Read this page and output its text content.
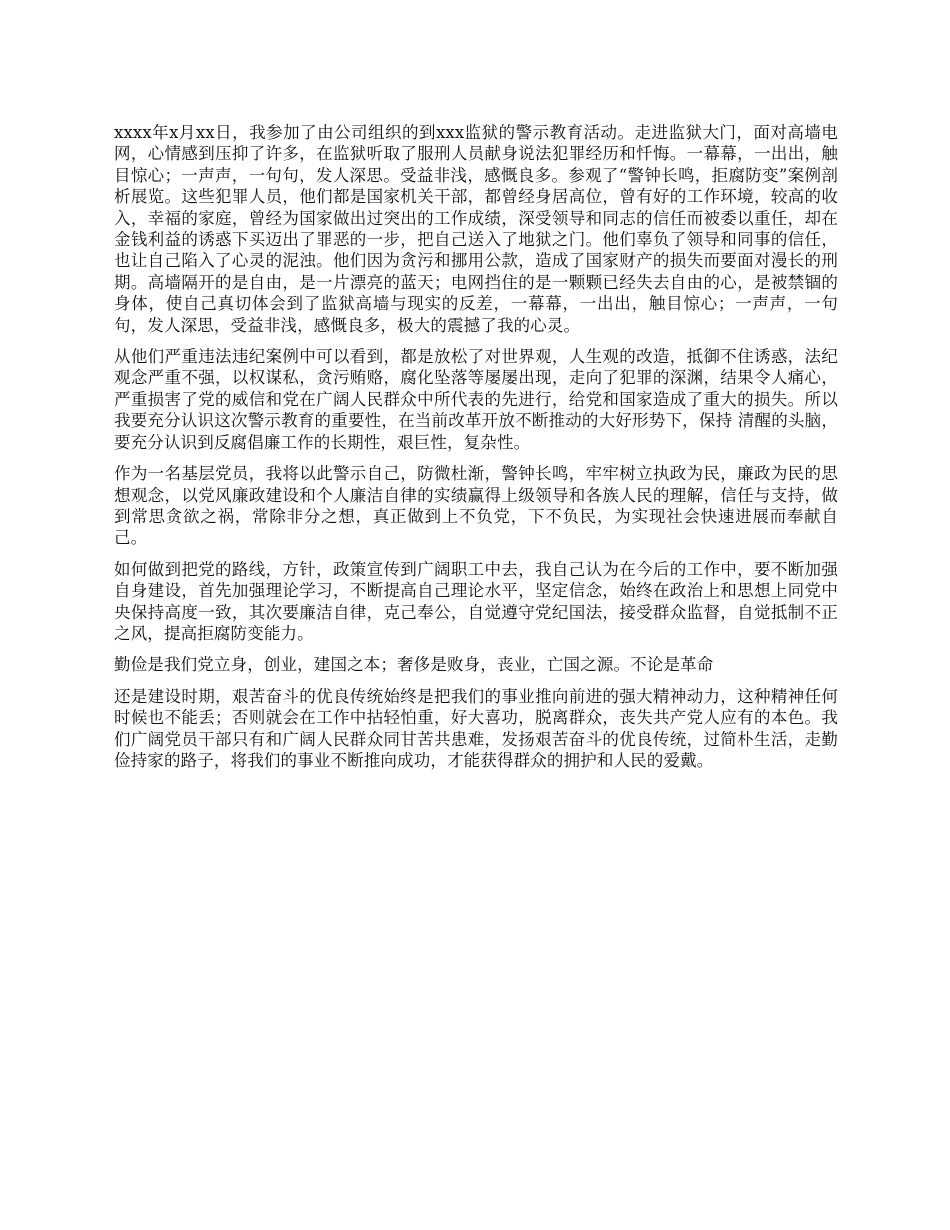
xxxx年x月xx日，我参加了由公司组织的到xxx监狱的警示教育活动。走进监狱大门，面对高墙电网，心情感到压抑了许多，在监狱听取了服刑人员献身说法犯罪经历和忏悔。一幕幕，一出出，触目惊心；一声声，一句句，发人深思。受益非浅，感慨良多。参观了“警钟长鸣，拒腐防变”案例剖析展览。这些犯罪人员，他们都是国家机关干部，都曾经身居高位，曾有好的工作环境，较高的收入，幸福的家庭，曾经为国家做出过突出的工作成绩，深受领导和同志的信任而被委以重任，却在金钱利益的诱惑下买迈出了罪恶的一步，把自己送入了地狱之门。他们辜负了领导和同事的信任，也让自己陷入了心灵的泥浊。他们因为贪污和挪用公款，造成了国家财产的损失而要面对漫长的刑期。高墙隔开的是自由，是一片漂亮的蓝天；电网挡住的是一颗颗已经失去自由的心，是被禁锢的身体，使自己真切体会到了监狱高墙与现实的反差，一幕幕，一出出，触目惊心；一声声，一句句，发人深思，受益非浅，感慨良多，极大的震撼了我的心灵。

从他们严重违法违纪案例中可以看到，都是放松了对世界观，人生观的改造，抵御不住诱惑，法纪观念严重不强，以权谋私，贪污贿赂，腐化坠落等屡屡出现，走向了犯罪的深渊，结果令人痛心，严重损害了党的威信和党在广阔人民群众中所代表的先进行，给党和国家造成了重大的损失。所以我要充分认识这次警示教育的重要性，在当前改革开放不断推动的大好形势下，保持 清醒的头脑，要充分认识到反腐倡廉工作的长期性，艰巨性，复杂性。

作为一名基层党员，我将以此警示自己，防微杜渐，警钟长鸣，牢牢树立执政为民，廉政为民的思想观念，以党风廉政建设和个人廉洁自律的实绩赢得上级领导和各族人民的理解，信任与支持，做到常思贪欲之祸，常除非分之想，真正做到上不负党，下不负民，为实现社会快速进展而奉献自己。

如何做到把党的路线，方针，政策宣传到广阔职工中去，我自己认为在今后的工作中，要不断加强自身建设，首先加强理论学习，不断提高自己理论水平，坚定信念，始终在政治上和思想上同党中央保持高度一致，其次要廉洁自律，克己奉公，自觉遵守党纪国法，接受群众监督，自觉抵制不正之风，提高拒腐防变能力。

勤俭是我们党立身，创业，建国之本；奢侈是败身，丧业，亡国之源。不论是革命

还是建设时期，艰苦奋斗的优良传统始终是把我们的事业推向前进的强大精神动力，这种精神任何时候也不能丢；否则就会在工作中拈轻怕重，好大喜功，脱离群众，丧失共产党人应有的本色。我们广阔党员干部只有和广阔人民群众同甘苦共患难，发扬艰苦奋斗的优良传统，过简朴生活，走勤俭持家的路子，将我们的事业不断推向成功，才能获得群众的拥护和人民的爱戴。
